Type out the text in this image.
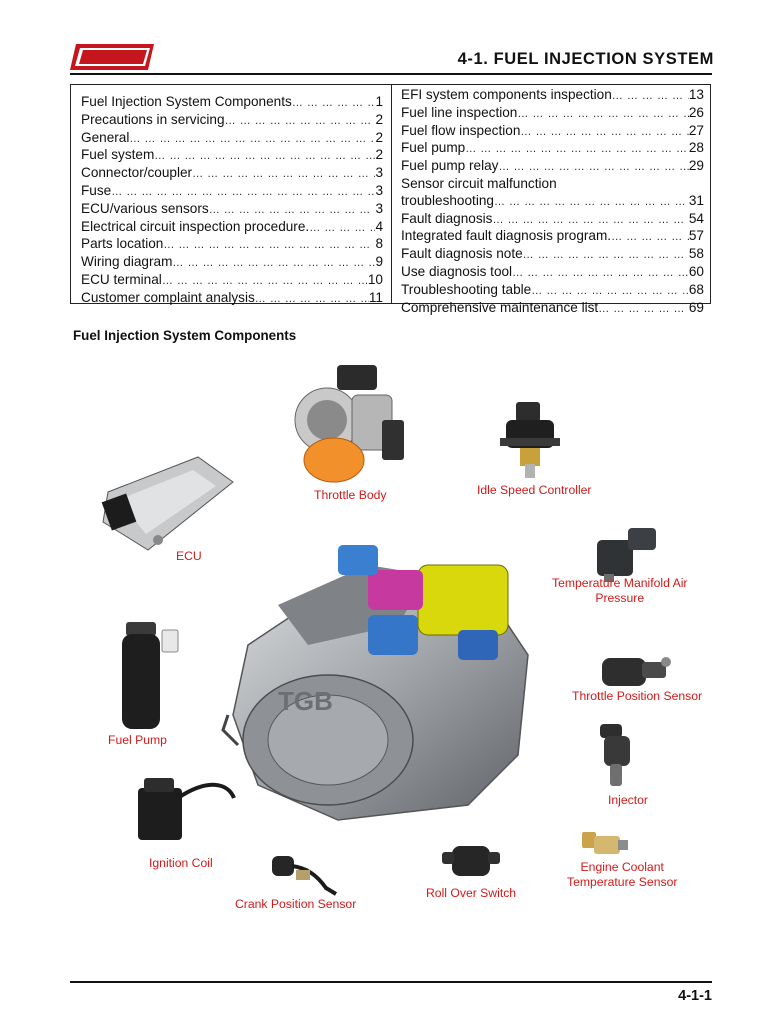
4-1. FUEL INJECTION SYSTEM
Fuel Injection System Components … … … … … … … … … … … … … … … … … … … … … … … … … … … … … …	1
Precautions in servicing … … … … … … … … … … … … … … … … … … … … … … … … … … … … … …	2
General … … … … … … … … … … … … … … … … … … … … … … … … … … … … … …	2
Fuel system … … … … … … … … … … … … … … … … … … … … … … … … … … … … … …	2
Connector/coupler … … … … … … … … … … … … … … … … … … … … … … … … … … … … … …	3
Fuse … … … … … … … … … … … … … … … … … … … … … … … … … … … … … …	3
ECU/various sensors … … … … … … … … … … … … … … … … … … … … … … … … … … … … … …	3
Electrical circuit inspection procedure. … … … … … … … … … … … … … … … … … … … … … … … … … … … … … …	4
Parts location … … … … … … … … … … … … … … … … … … … … … … … … … … … … … …	8
Wiring diagram … … … … … … … … … … … … … … … … … … … … … … … … … … … … … …	9
ECU terminal … … … … … … … … … … … … … … … … … … … … … … … … … … … … … …	10
Customer complaint analysis … … … … … … … … … … … … … … … … … … … … … … … … … … … … … …	11
EFI system components inspection … … … … … … … … … … … … … … … … … … … … … … … … … … … … … …	13
Fuel line inspection … … … … … … … … … … … … … … … … … … … … … … … … … … … … … …	26
Fuel flow inspection … … … … … … … … … … … … … … … … … … … … … … … … … … … … … …	27
Fuel pump … … … … … … … … … … … … … … … … … … … … … … … … … … … … … …	28
Fuel pump relay … … … … … … … … … … … … … … … … … … … … … … … … … … … … … …	29
Sensor circuit malfunction
troubleshooting … … … … … … … … … … … … … … … … … … … … … … … … … … … … … …	31
Fault diagnosis … … … … … … … … … … … … … … … … … … … … … … … … … … … … … …	54
Integrated fault diagnosis program. … … … … … … … … … … … … … … … … … … … … … … … … … … … … … …	57
Fault diagnosis note … … … … … … … … … … … … … … … … … … … … … … … … … … … … … …	58
Use diagnosis tool … … … … … … … … … … … … … … … … … … … … … … … … … … … … … …	60
Troubleshooting table … … … … … … … … … … … … … … … … … … … … … … … … … … … … … …	68
Comprehensive maintenance list … … … … … … … … … … … … … … … … … … … … … … … … … … … … … …	69
Fuel Injection System Components
TGB
Throttle Body	Idle Speed Controller
ECU
Temperature Manifold Air
Pressure
Throttle Position Sensor
Fuel Pump
Injector
Ignition Coil
Crank Position Sensor
Roll Over Switch
Engine Coolant
Temperature Sensor
4-1-1
